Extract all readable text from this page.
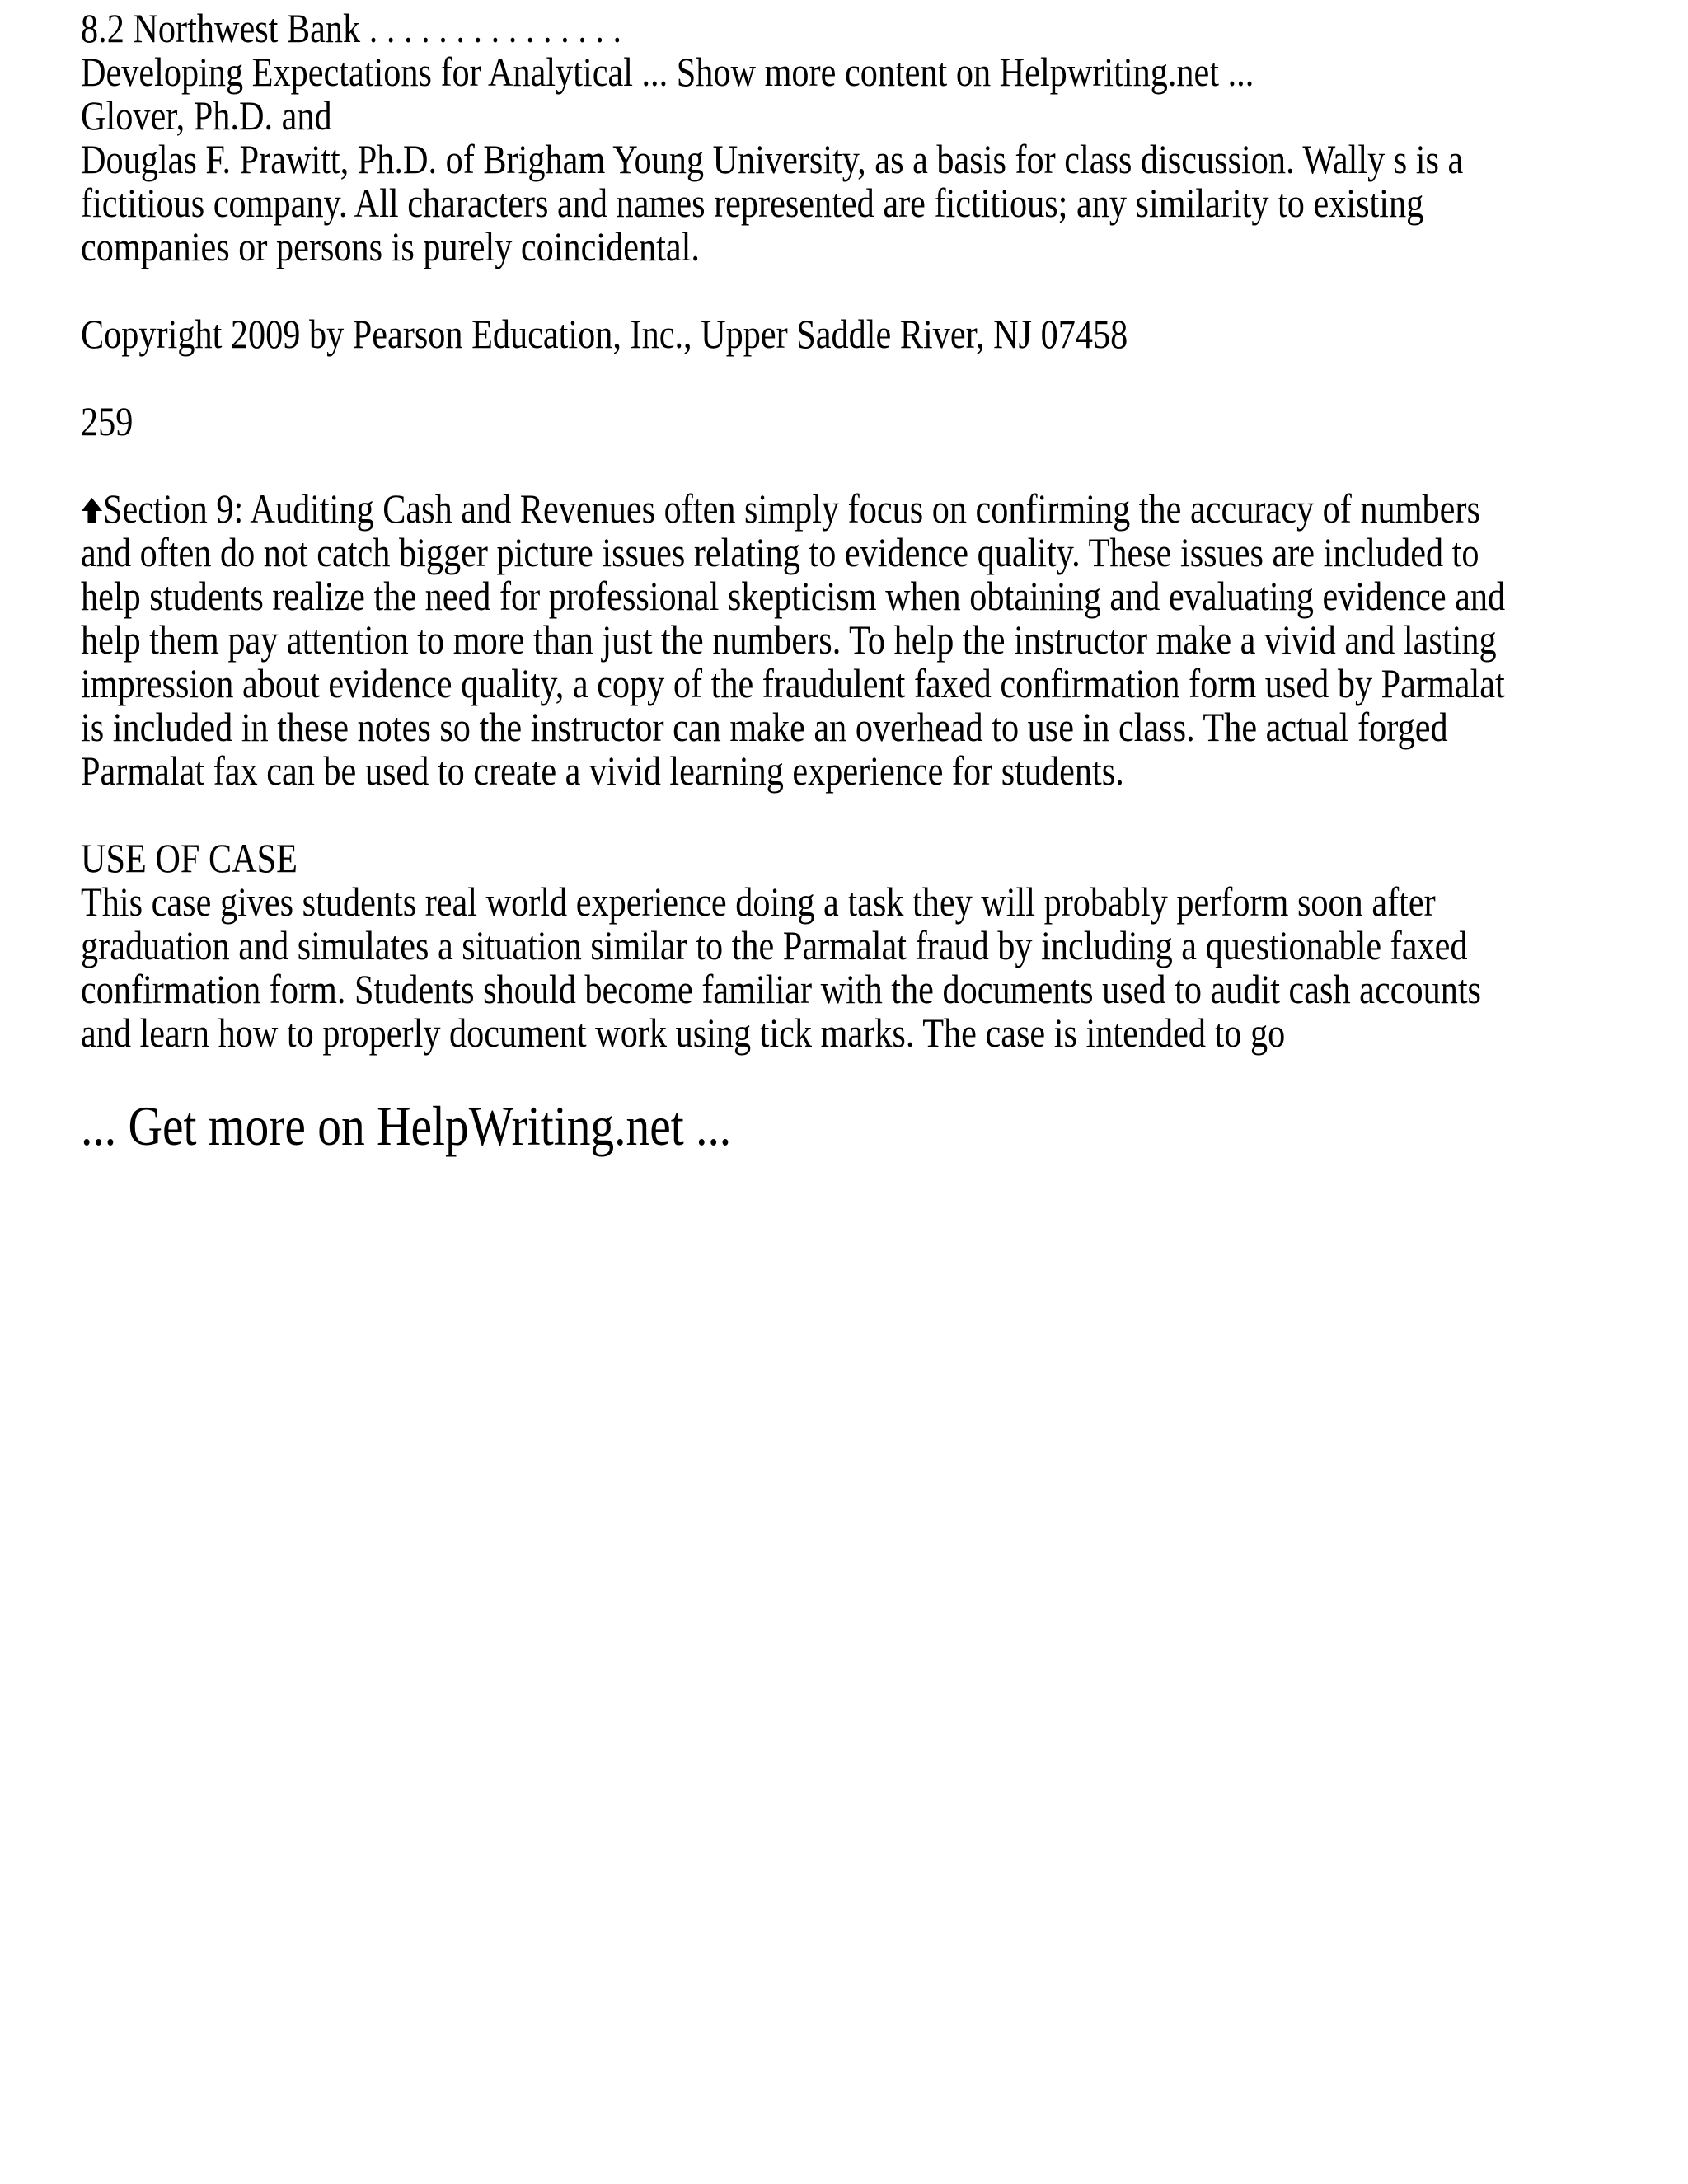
8.2 Northwest Bank . . . . . . . . . . . . . . .
Developing Expectations for Analytical ... Show more content on Helpwriting.net ...
Glover, Ph.D. and
Douglas F. Prawitt, Ph.D. of Brigham Young University, as a basis for class discussion. Wally s is a
fictitious company. All characters and names represented are fictitious; any similarity to existing
companies or persons is purely coincidental.
Copyright 2009 by Pearson Education, Inc., Upper Saddle River, NJ 07458
259
Section 9: Auditing Cash and Revenues often simply focus on confirming the accuracy of numbers
and often do not catch bigger picture issues relating to evidence quality. These issues are included to
help students realize the need for professional skepticism when obtaining and evaluating evidence and
help them pay attention to more than just the numbers. To help the instructor make a vivid and lasting
impression about evidence quality, a copy of the fraudulent faxed confirmation form used by Parmalat
is included in these notes so the instructor can make an overhead to use in class. The actual forged
Parmalat fax can be used to create a vivid learning experience for students.
USE OF CASE
This case gives students real world experience doing a task they will probably perform soon after
graduation and simulates a situation similar to the Parmalat fraud by including a questionable faxed
confirmation form. Students should become familiar with the documents used to audit cash accounts
and learn how to properly document work using tick marks. The case is intended to go
... Get more on HelpWriting.net ...
